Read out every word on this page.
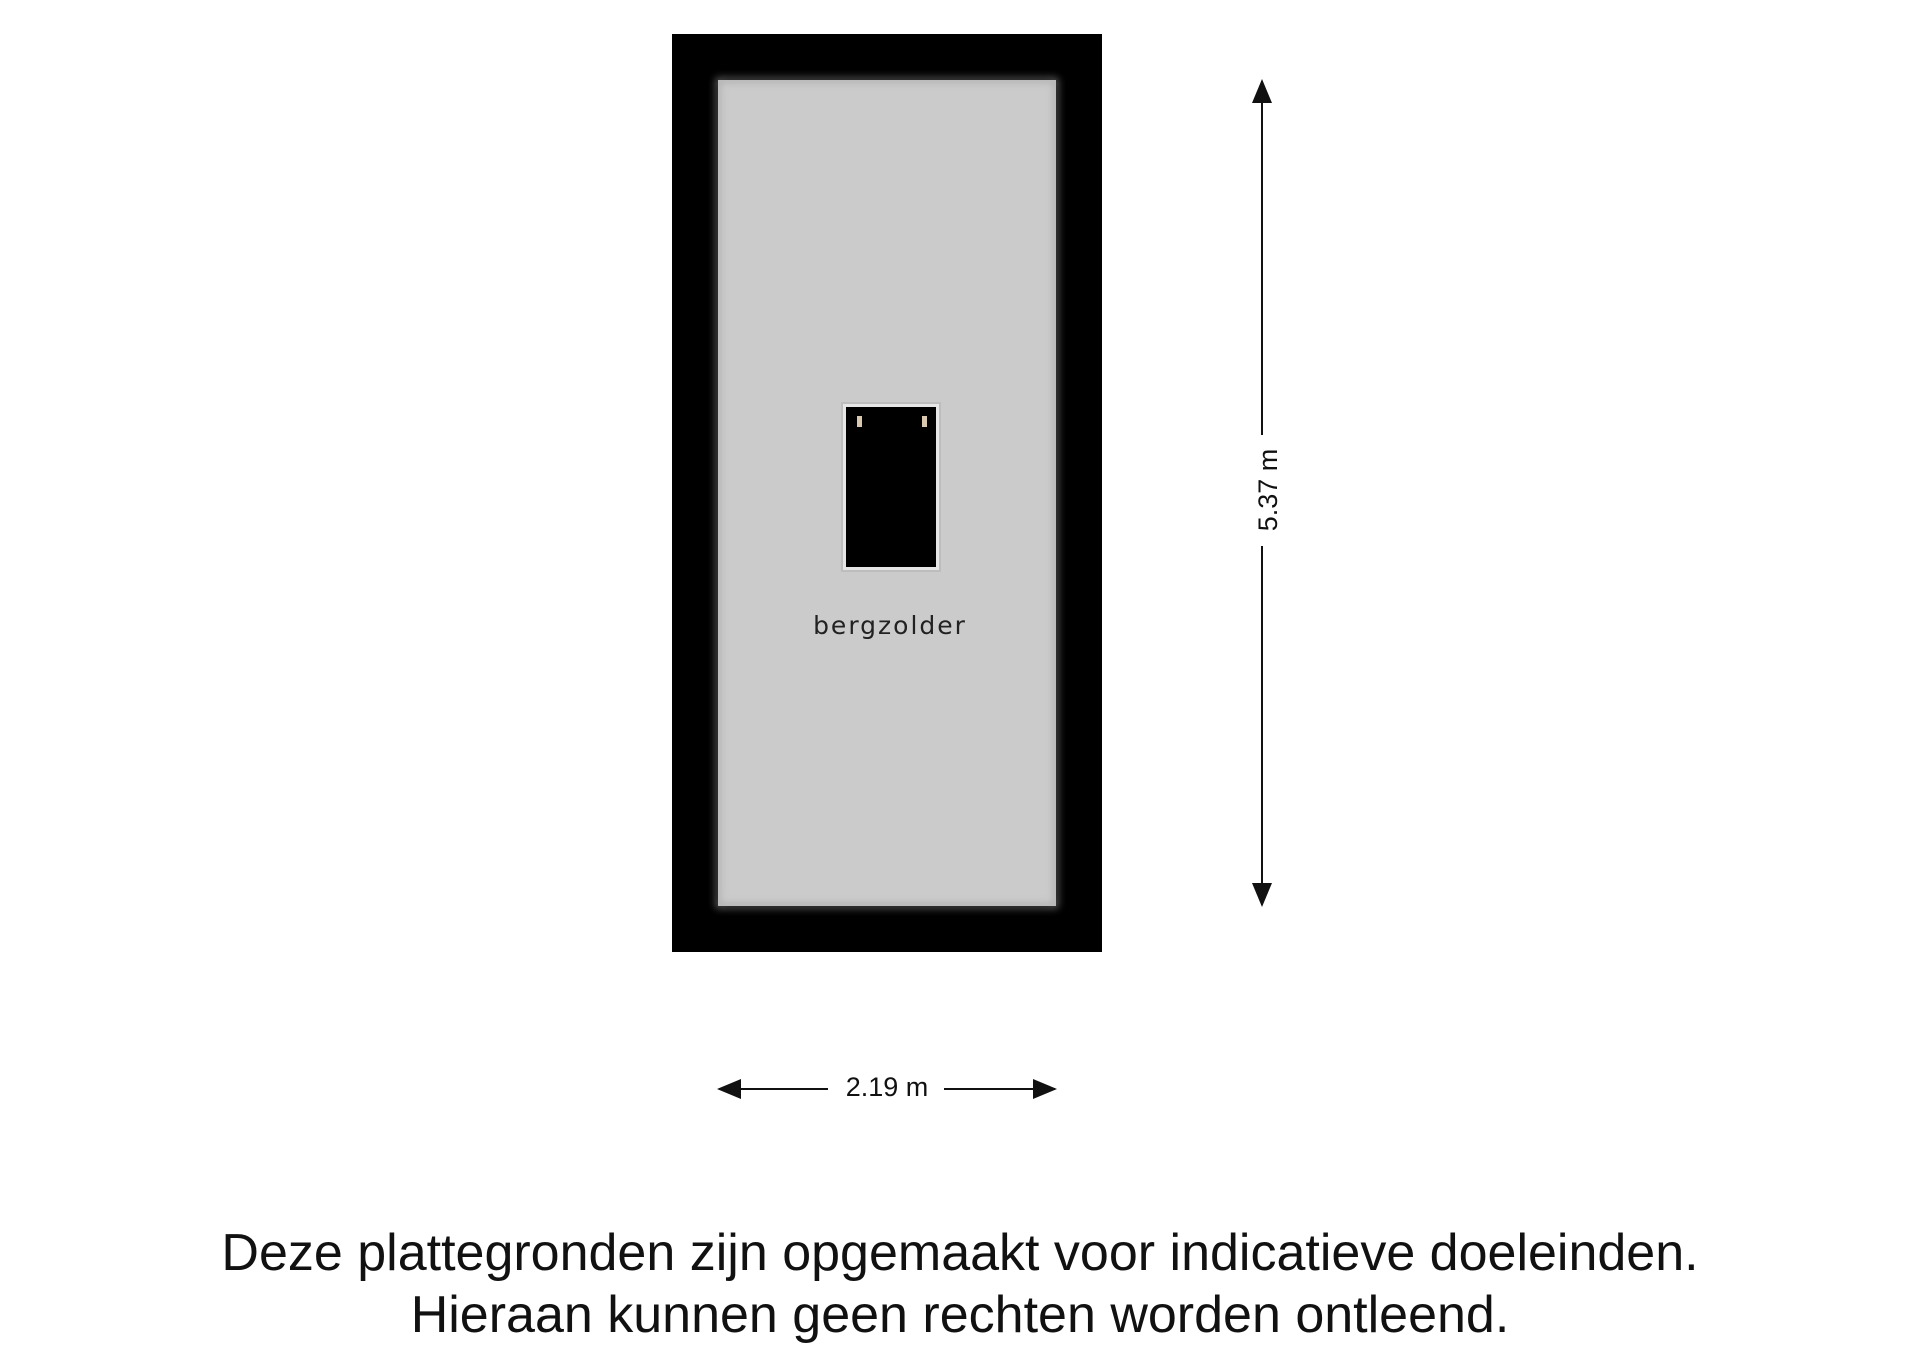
bergzolder
2.19 m
5.37 m
Deze plattegronden zijn opgemaakt voor indicatieve doeleinden.
Hieraan kunnen geen rechten worden ontleend.
